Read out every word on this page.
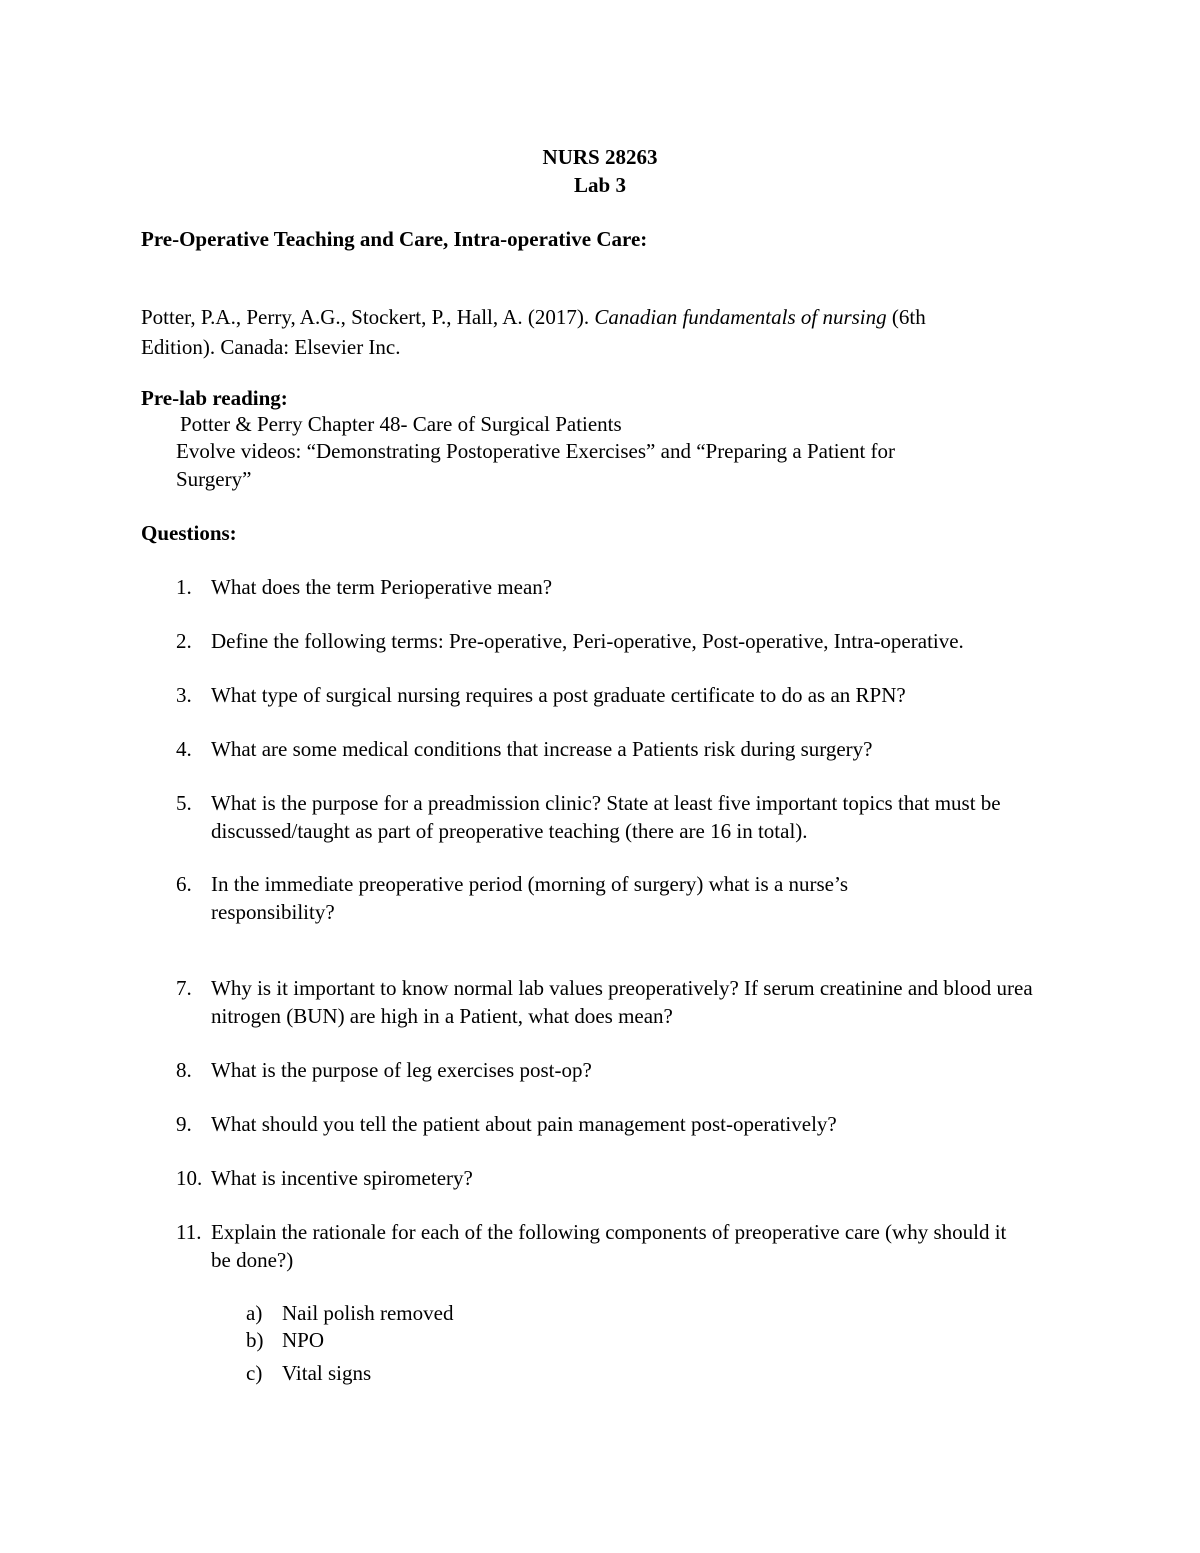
NURS 28263
Lab 3
Pre-Operative Teaching and Care, Intra-operative Care:
Potter, P.A., Perry, A.G., Stockert, P., Hall, A. (2017). Canadian fundamentals of nursing (6th
Edition). Canada: Elsevier Inc.
Pre-lab reading:
Potter & Perry Chapter 48- Care of Surgical Patients
Evolve videos: “Demonstrating Postoperative Exercises” and “Preparing a Patient for
Surgery”
Questions:
1. What does the term Perioperative mean?
2. Define the following terms: Pre-operative, Peri-operative, Post-operative, Intra-operative.
3. What type of surgical nursing requires a post graduate certificate to do as an RPN?
4. What are some medical conditions that increase a Patients risk during surgery?
5. What is the purpose for a preadmission clinic? State at least five important topics that must be discussed/taught as part of preoperative teaching (there are 16 in total).
6. In the immediate preoperative period (morning of surgery) what is a nurse’s responsibility?
7. Why is it important to know normal lab values preoperatively? If serum creatinine and blood urea nitrogen (BUN) are high in a Patient, what does mean?
8. What is the purpose of leg exercises post-op?
9. What should you tell the patient about pain management post-operatively?
10. What is incentive spirometery?
11. Explain the rationale for each of the following components of preoperative care (why should it be done?)
a) Nail polish removed
b) NPO
c) Vital signs
